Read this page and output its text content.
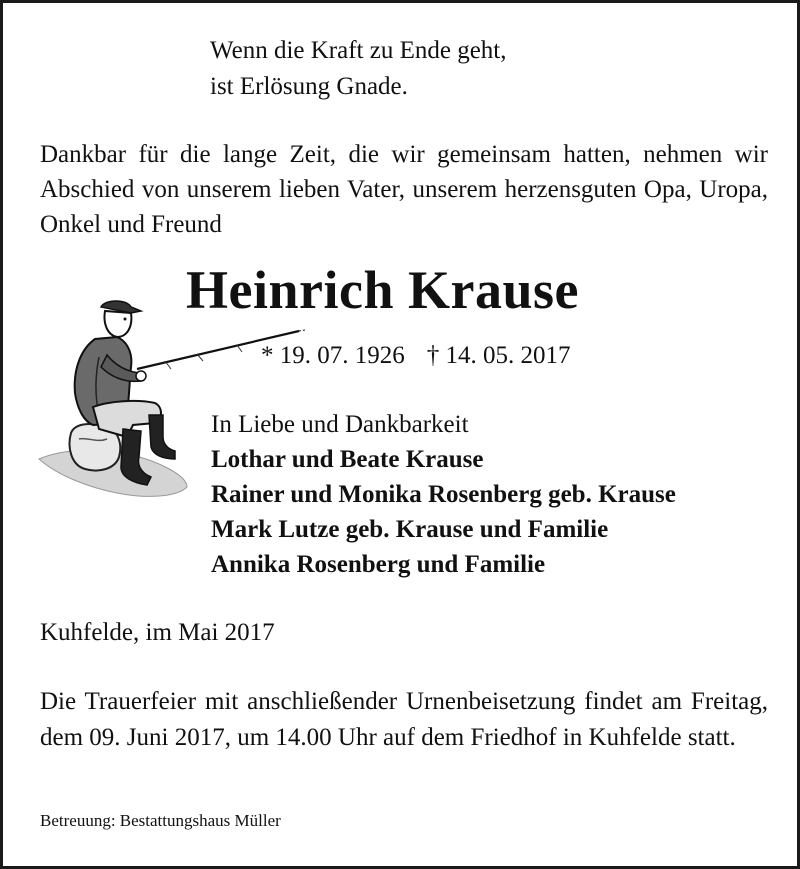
Wenn die Kraft zu Ende geht,
ist Erlösung Gnade.
Dankbar für die lange Zeit, die wir gemeinsam hatten, nehmen wir Abschied von unserem lieben Vater, unserem herzensguten Opa, Uropa, Onkel und Freund
Heinrich Krause
* 19. 07. 1926 † 14. 05. 2017
In Liebe und Dankbarkeit
Lothar und Beate Krause
Rainer und Monika Rosenberg geb. Krause
Mark Lutze geb. Krause und Familie
Annika Rosenberg und Familie
Kuhfelde, im Mai 2017
Die Trauerfeier mit anschließender Urnenbeisetzung findet am Freitag, dem 09. Juni 2017, um 14.00 Uhr auf dem Friedhof in Kuhfelde statt.
Betreuung: Bestattungshaus Müller
